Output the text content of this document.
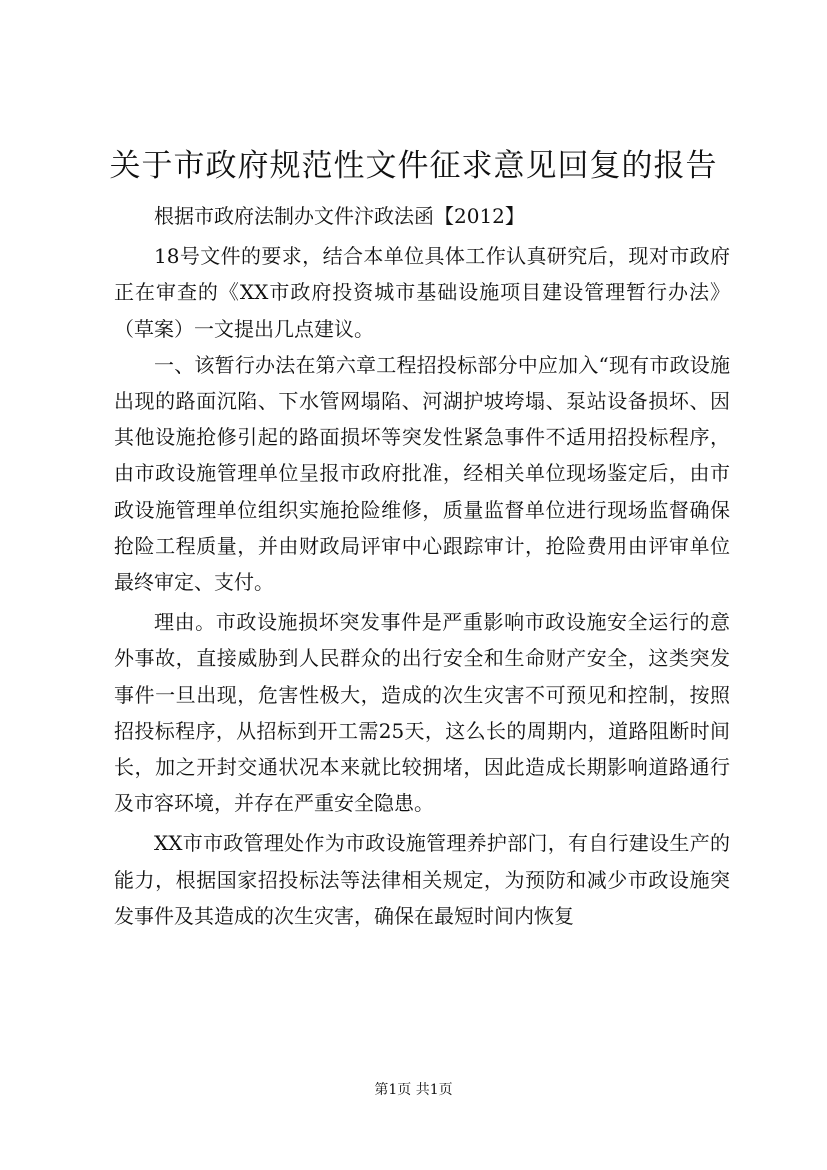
关于市政府规范性文件征求意见回复的报告

根据市政府法制办文件汴政法函【2012】

18号文件的要求，结合本单位具体工作认真研究后，现对市政府正在审查的《XX市政府投资城市基础设施项目建设管理暂行办法》（草案）一文提出几点建议。

一、该暂行办法在第六章工程招投标部分中应加入“现有市政设施出现的路面沉陷、下水管网塌陷、河湖护坡垮塌、泵站设备损坏、因其他设施抢修引起的路面损坏等突发性紧急事件不适用招投标程序，由市政设施管理单位呈报市政府批准，经相关单位现场鉴定后，由市政设施管理单位组织实施抢险维修，质量监督单位进行现场监督确保抢险工程质量，并由财政局评审中心跟踪审计，抢险费用由评审单位最终审定、支付。

理由。市政设施损坏突发事件是严重影响市政设施安全运行的意外事故，直接威胁到人民群众的出行安全和生命财产安全，这类突发事件一旦出现，危害性极大，造成的次生灾害不可预见和控制，按照招投标程序，从招标到开工需25天，这么长的周期内，道路阻断时间长，加之开封交通状况本来就比较拥堵，因此造成长期影响道路通行及市容环境，并存在严重安全隐患。

XX市市政管理处作为市政设施管理养护部门，有自行建设生产的能力，根据国家招投标法等法律相关规定，为预防和减少市政设施突发事件及其造成的次生灾害，确保在最短时间内恢复

第1页 共1页
